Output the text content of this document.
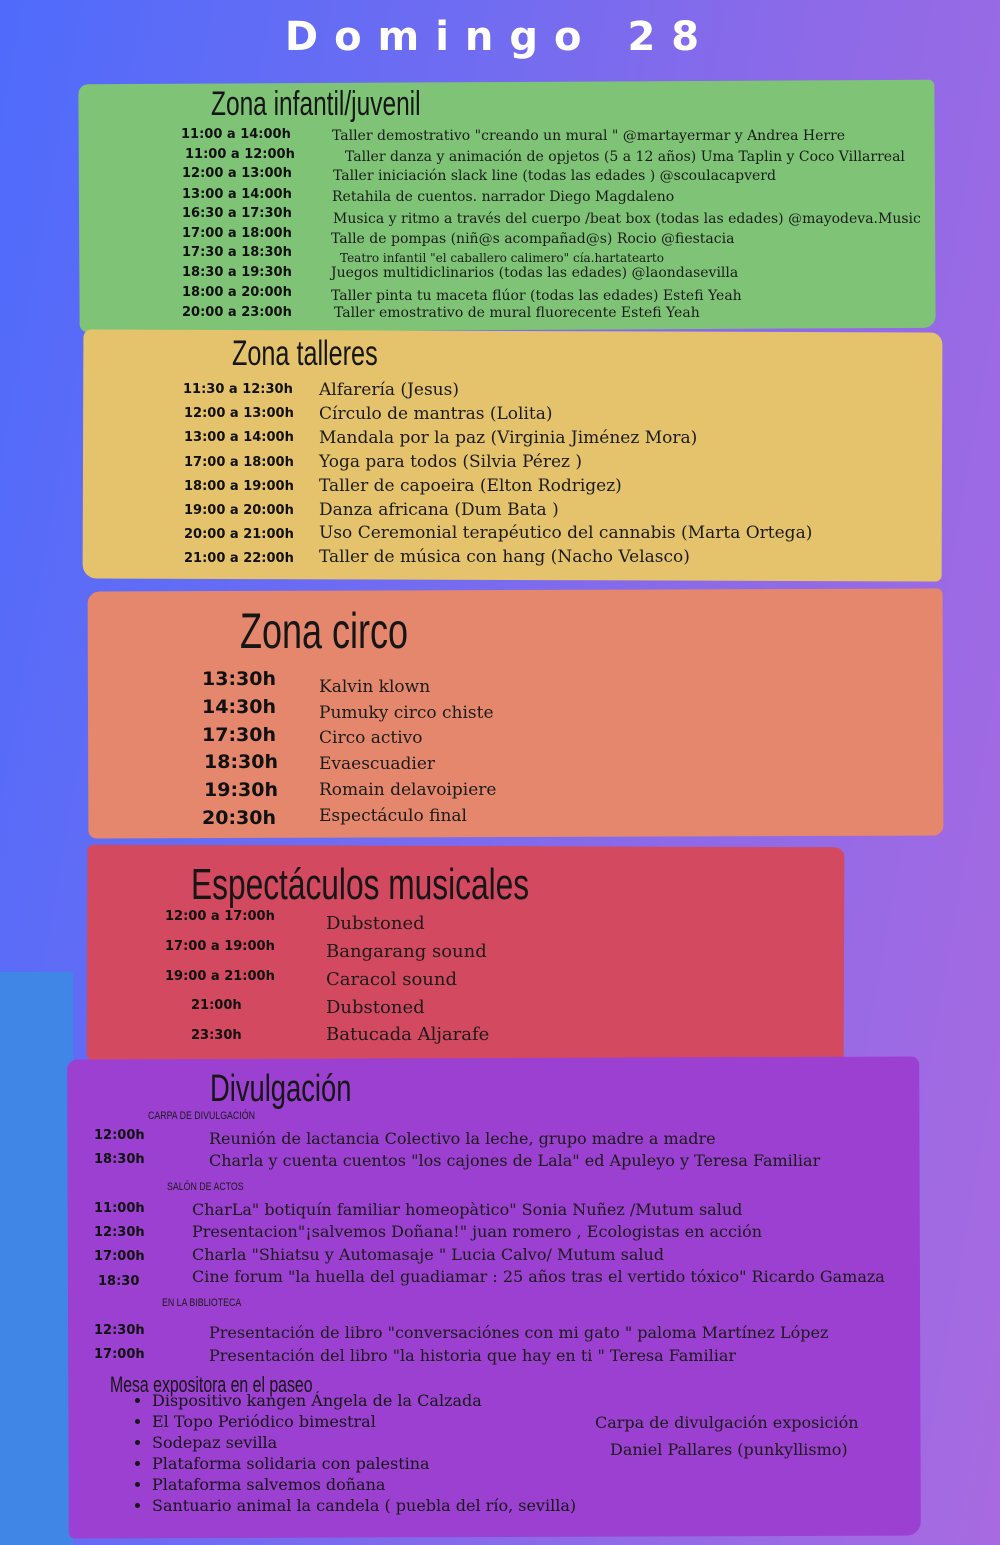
Domingo 28
Zona infantil/juvenil
11:00 a 14:00h	Taller demostrativo "creando un mural " @martayermar y Andrea Herre
11:00 a 12:00h	Taller danza y animación de opjetos (5 a 12 años) Uma Taplin y Coco Villarreal
12:00 a 13:00h	Taller iniciación slack line (todas las edades ) @scoulacapverd
13:00 a 14:00h	Retahila de cuentos. narrador Diego Magdaleno
16:30 a 17:30h	Musica y ritmo a través del cuerpo /beat box (todas las edades) @mayodeva.Music
17:00 a 18:00h	Talle de pompas (niñ@s acompañad@s) Rocio @fiestacia
17:30 a 18:30h	Teatro infantil "el caballero calimero" cía.hartatearto
18:30 a 19:30h	Juegos multidiclinarios (todas las edades) @laondasevilla
18:00 a 20:00h	Taller pinta tu maceta flúor (todas las edades) Estefi Yeah
20:00 a 23:00h	Taller emostrativo de mural fluorecente Estefi Yeah
Zona talleres
11:30 a 12:30h Alfarería (Jesus)
12:00 a 13:00h Círculo de mantras (Lolita)
13:00 a 14:00h Mandala por la paz (Virginia Jiménez Mora)
17:00 a 18:00h Yoga para todos (Silvia Pérez )
18:00 a 19:00h Taller de capoeira (Elton Rodrigez)
19:00 a 20:00h Danza africana (Dum Bata )
20:00 a 21:00h Uso Ceremonial terapéutico del cannabis (Marta Ortega)
21:00 a 22:00h Taller de música con hang (Nacho Velasco)
Zona circo
13:30h	Kalvin klown
14:30h	Pumuky circo chiste
17:30h	Circo activo
18:30h Evaescuadier
19:30h Romain delavoipiere
20:30h	Espectáculo final
Espectáculos musicales
12:00 a 17:00h	Dubstoned
17:00 a 19:00h	Bangarang sound
19:00 a 21:00h	Caracol sound
21:00h	Dubstoned
23:30h	Batucada Aljarafe
Divulgación
CARPA DE DIVULGACIÓN
12:00h	Reunión de lactancia Colectivo la leche, grupo madre a madre
18:30h	Charla y cuenta cuentos "los cajones de Lala" ed Apuleyo y Teresa Familiar
SALÓN DE ACTOS
11:00h	CharLa" botiquín familiar homeopàtico" Sonia Nuñez /Mutum salud
12:30h	Presentacion"¡salvemos Doñana!" juan romero , Ecologistas en acción
17:00h	Charla "Shiatsu y Automasaje " Lucia Calvo/ Mutum salud
18:30	Cine forum "la huella del guadiamar : 25 años tras el vertido tóxico" Ricardo Gamaza
EN LA BIBLIOTECA
12:30h	Presentación de libro "conversaciónes con mi gato " paloma Martínez López
17:00h	Presentación del libro "la historia que hay en ti " Teresa Familiar
Mesa expositora en el paseo
• Dispositivo kangen Ángela de la Calzada
• El Topo Periódico bimestral
• Sodepaz sevilla
• Plataforma solidaria con palestina
• Plataforma salvemos doñana
• Santuario animal la candela ( puebla del río, sevilla)
Carpa de divulgación exposición
Daniel Pallares (punkyllismo)
